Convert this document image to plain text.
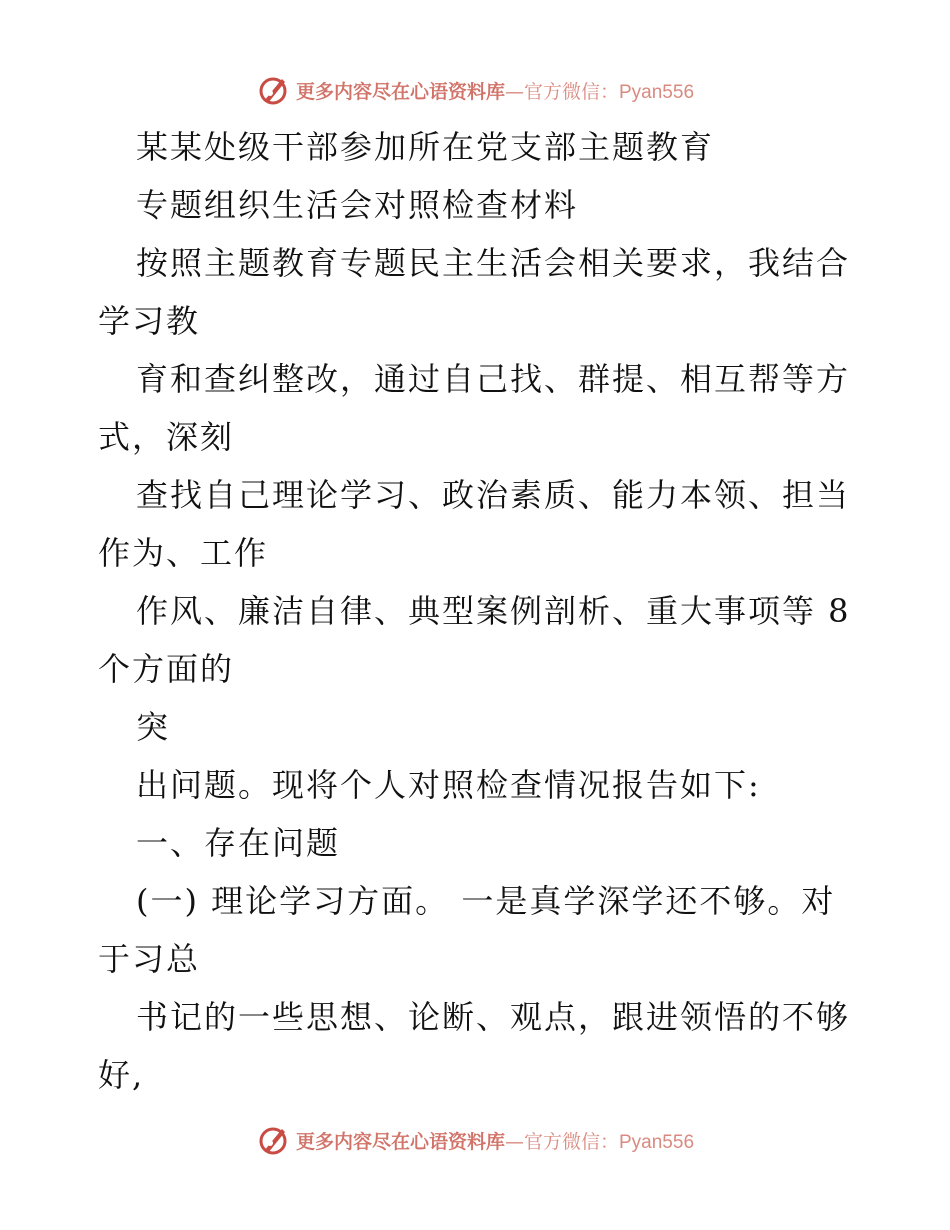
更多内容尽在心语资料库—官方微信：Pyan556
某某处级干部参加所在党支部主题教育
专题组织生活会对照检查材料
按照主题教育专题民主生活会相关要求，我结合
学习教
育和查纠整改，通过自己找、群提、相互帮等方
式，深刻
查找自己理论学习、政治素质、能力本领、担当
作为、工作
作风、廉洁自律、典型案例剖析、重大事项等 8
个方面的
突
出问题。现将个人对照检查情况报告如下:
一、存在问题
(一) 理论学习方面。 一是真学深学还不够。对
于习总
书记的一些思想、论断、观点，跟进领悟的不够
好,
更多内容尽在心语资料库—官方微信：Pyan556
